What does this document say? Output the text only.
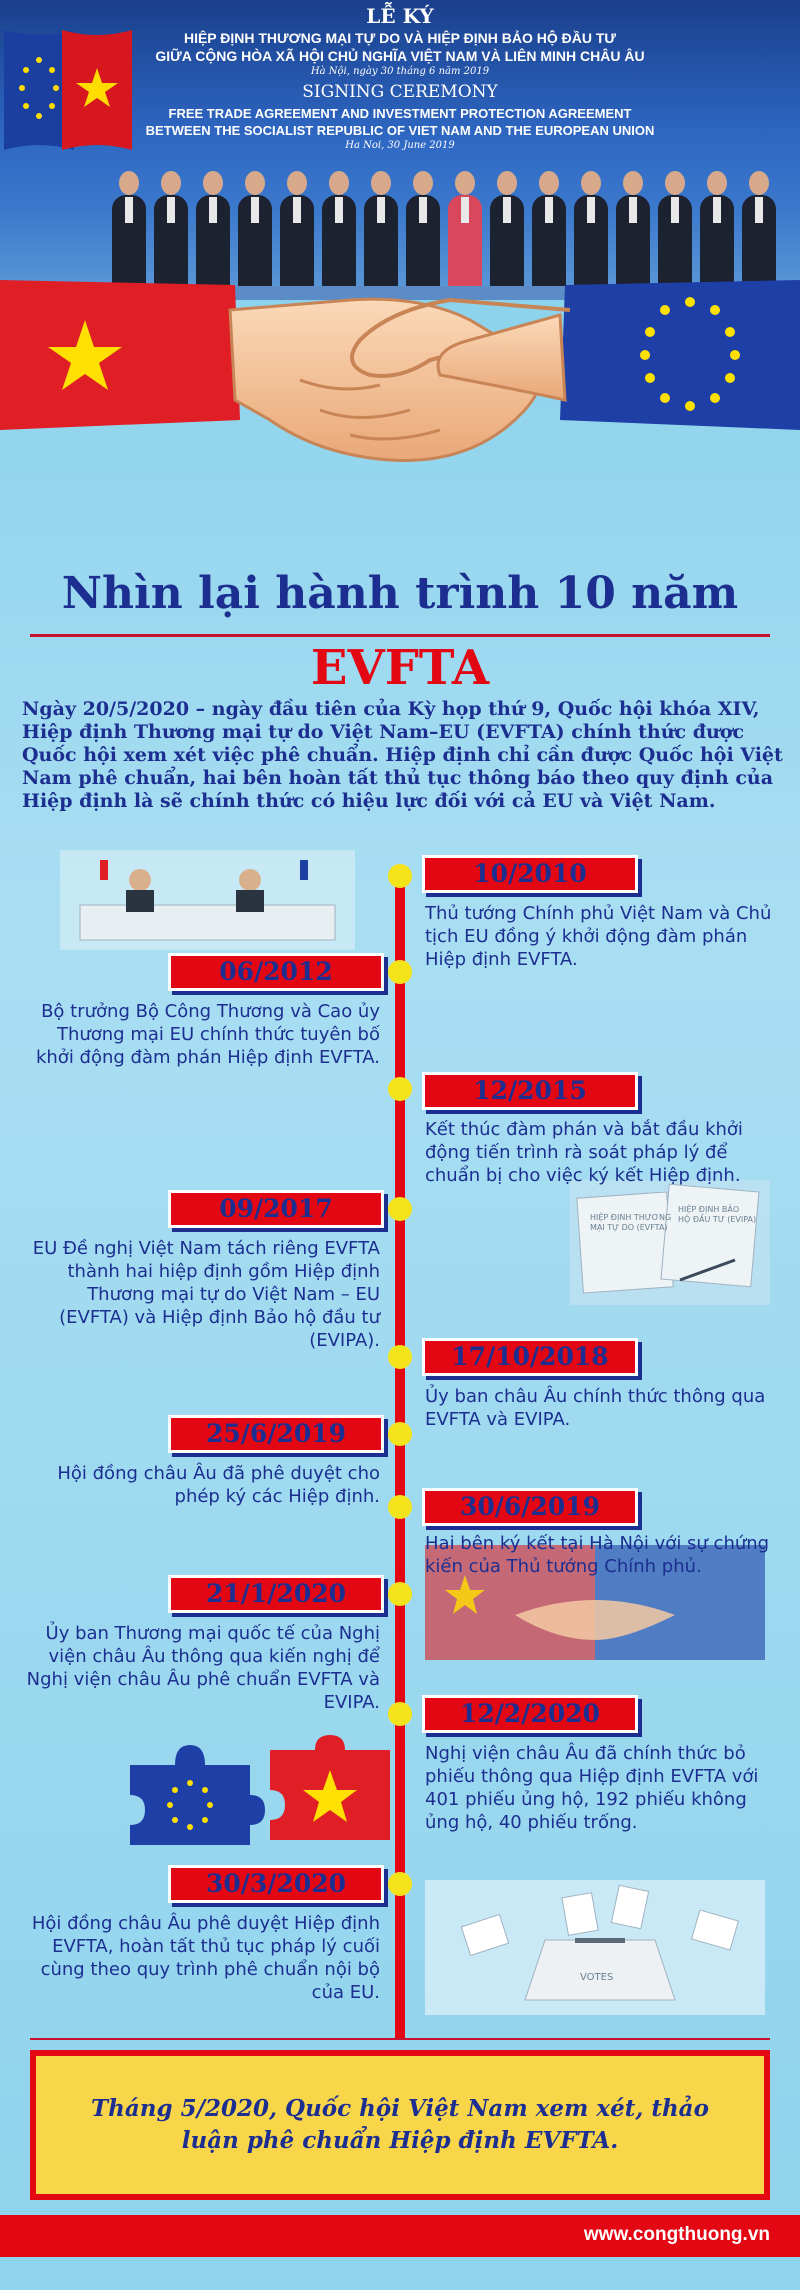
LỄ KÝ
HIỆP ĐỊNH THƯƠNG MẠI TỰ DO VÀ HIỆP ĐỊNH BẢO HỘ ĐẦU TƯ
GIỮA CỘNG HÒA XÃ HỘI CHỦ NGHĨA VIỆT NAM VÀ LIÊN MINH CHÂU ÂU
Hà Nội, ngày 30 tháng 6 năm 2019
SIGNING CEREMONY
FREE TRADE AGREEMENT AND INVESTMENT PROTECTION AGREEMENT
BETWEEN THE SOCIALIST REPUBLIC OF VIET NAM AND THE EUROPEAN UNION
Ha Noi, 30 June 2019
Nhìn lại hành trình 10 năm
EVFTA
Ngày 20/5/2020 – ngày đầu tiên của Kỳ họp thứ 9, Quốc hội khóa XIV, Hiệp định Thương mại tự do Việt Nam–EU (EVFTA) chính thức được Quốc hội xem xét việc phê chuẩn. Hiệp định chỉ cần được Quốc hội Việt Nam phê chuẩn, hai bên hoàn tất thủ tục thông báo theo quy định của Hiệp định là sẽ chính thức có hiệu lực đối với cả EU và Việt Nam.
HIỆP ĐỊNH THƯƠNG
MẠI TỰ DO (EVFTA)
HIỆP ĐỊNH BẢO
HỘ ĐẦU TƯ (EVIPA)
VOTES
10/2010
Thủ tướng Chính phủ Việt Nam và Chủ tịch EU đồng ý khởi động đàm phán Hiệp định EVFTA.
06/2012
Bộ trưởng Bộ Công Thương và Cao ủy Thương mại EU chính thức tuyên bố khởi động đàm phán Hiệp định EVFTA.
12/2015
Kết thúc đàm phán và bắt đầu khởi động tiến trình rà soát pháp lý để chuẩn bị cho việc ký kết Hiệp định.
09/2017
EU Đề nghị Việt Nam tách riêng EVFTA thành hai hiệp định gồm Hiệp định Thương mại tự do Việt Nam – EU (EVFTA) và Hiệp định Bảo hộ đầu tư (EVIPA).
17/10/2018
Ủy ban châu Âu chính thức thông qua EVFTA và EVIPA.
25/6/2019
Hội đồng châu Âu đã phê duyệt cho phép ký các Hiệp định.	30/6/2019
Hai bên ký kết tại Hà Nội với sự chứng kiến của Thủ tướng Chính phủ.
21/1/2020
Ủy ban Thương mại quốc tế của Nghị viện châu Âu thông qua kiến nghị để Nghị viện châu Âu phê chuẩn EVFTA và EVIPA.	12/2/2020
Nghị viện châu Âu đã chính thức bỏ phiếu thông qua Hiệp định EVFTA với 401 phiếu ủng hộ, 192 phiếu không ủng hộ, 40 phiếu trống.
30/3/2020
Hội đồng châu Âu phê duyệt Hiệp định EVFTA, hoàn tất thủ tục pháp lý cuối cùng theo quy trình phê chuẩn nội bộ của EU.
Tháng 5/2020, Quốc hội Việt Nam xem xét, thảo luận phê chuẩn Hiệp định EVFTA.
www.congthuong.vn
